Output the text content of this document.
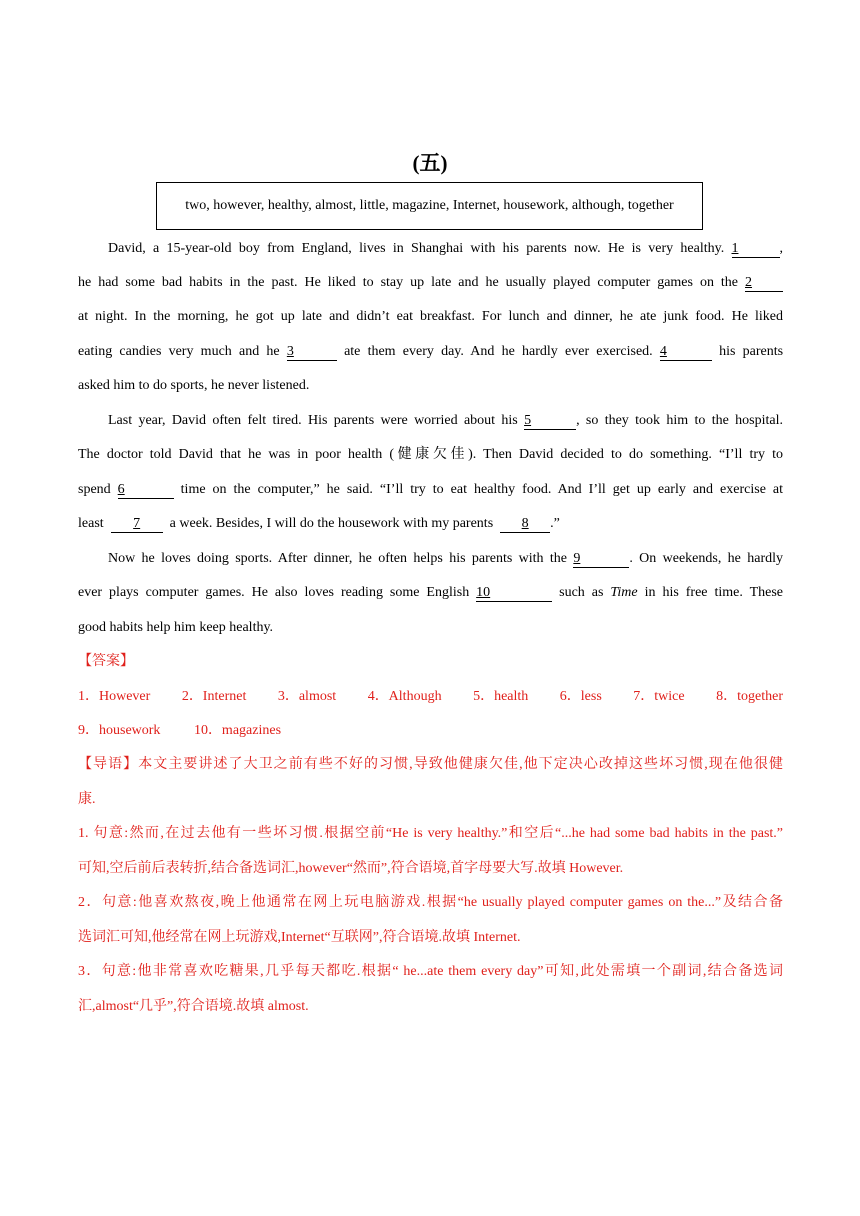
(五)
two, however, healthy, almost, little, magazine, Internet, housework, although, together
David, a 15-year-old boy from England, lives in Shanghai with his parents now. He is very healthy. 1	,
he had some bad habits in the past. He liked to stay up late and he usually played computer games on the 2
at night. In the morning, he got up late and didn’t eat breakfast. For lunch and dinner, he ate junk food. He liked
eating candies very much and he 3	ate them every day. And he hardly ever exercised. 4	his parents
asked him to do sports, he never listened.
Last year, David often felt tired. His parents were worried about his 5	, so they took him to the hospital.
The doctor told David that he was in poor health (健康欠佳). Then David decided to do something. “I’ll try to
spend 6	time on the computer,” he said. “I’ll try to eat healthy food. And I’ll get up early and exercise at
least 7 a week. Besides, I will do the housework with my parents 8 .”
Now he loves doing sports. After dinner, he often helps his parents with the 9	. On weekends, he hardly
ever plays computer games. He also loves reading some English 10	such as Time in his free time. These
good habits help him keep healthy.
【答案】
1．However 2．Internet 3．almost 4．Although 5．health 6．less 7．twice 8．together
9．housework 10．magazines
【导语】本文主要讲述了大卫之前有些不好的习惯,导致他健康欠佳,他下定决心改掉这些坏习惯,现在他很健
康.
1. 句意:然而,在过去他有一些坏习惯.根据空前“He is very healthy.”和空后“...he had some bad habits in the past.”
可知,空后前后表转折,结合备选词汇,however“然而”,符合语境,首字母要大写.故填 However.
2．句意:他喜欢熬夜,晚上他通常在网上玩电脑游戏.根据“he usually played computer games on the...”及结合备
选词汇可知,他经常在网上玩游戏,Internet“互联网”,符合语境.故填 Internet.
3．句意:他非常喜欢吃糖果,几乎每天都吃.根据“ he...ate them every day”可知,此处需填一个副词,结合备选词
汇,almost“几乎”,符合语境.故填 almost.
